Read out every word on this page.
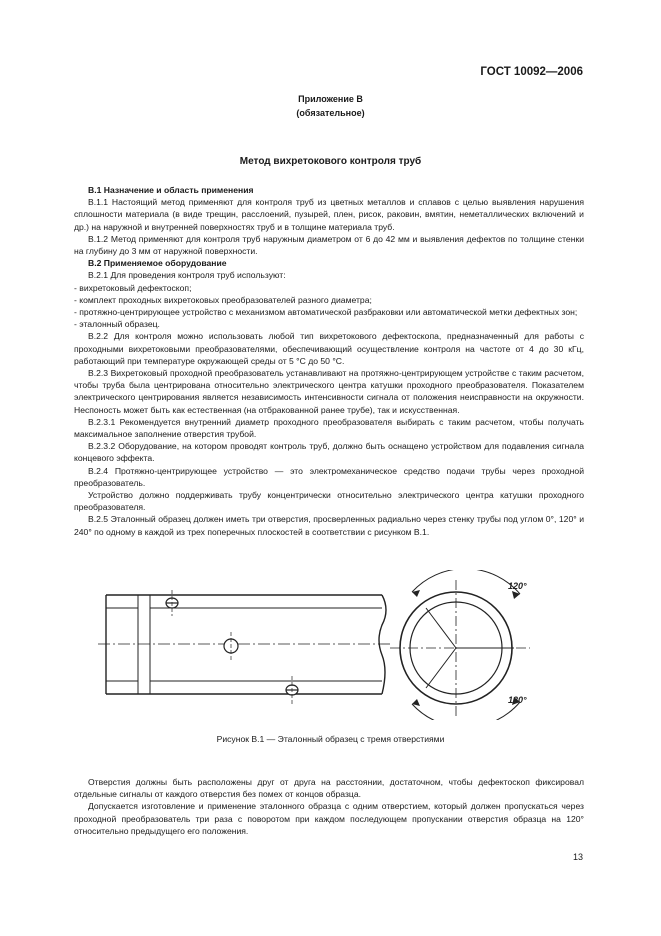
ГОСТ 10092—2006
Приложение В
(обязательное)
Метод вихретокового контроля труб
В.1 Назначение и область применения
В.1.1 Настоящий метод применяют для контроля труб из цветных металлов и сплавов с целью выявления нарушения сплошности материала (в виде трещин, расслоений, пузырей, плен, рисок, раковин, вмятин, неметаллических включений и др.) на наружной и внутренней поверхностях труб и в толщине материала труб.
В.1.2 Метод применяют для контроля труб наружным диаметром от 6 до 42 мм и выявления дефектов по толщине стенки на глубину до 3 мм от наружной поверхности.
В.2 Применяемое оборудование
В.2.1 Для проведения контроля труб используют:
- вихретоковый дефектоскоп;
- комплект проходных вихретоковых преобразователей разного диаметра;
- протяжно-центрирующее устройство с механизмом автоматической разбраковки или автоматической метки дефектных зон;
- эталонный образец.
В.2.2 Для контроля можно использовать любой тип вихретокового дефектоскопа, предназначенный для работы с проходными вихретоковыми преобразователями, обеспечивающий осуществление контроля на частоте от 4 до 30 кГц, работающий при температуре окружающей среды от 5 °С до 50 °С.
В.2.3 Вихретоковый проходной преобразователь устанавливают на протяжно-центрирующем устройстве с таким расчетом, чтобы труба была центрирована относительно электрического центра катушки проходного преобразователя. Показателем электрического центрирования является независимость интенсивности сигнала от положения неисправности на окружности. Неспоность может быть как естественная (на отбракованной ранее трубе), так и искусственная.
В.2.3.1 Рекомендуется внутренний диаметр проходного преобразователя выбирать с таким расчетом, чтобы получать максимальное заполнение отверстия трубой.
В.2.3.2 Оборудование, на котором проводят контроль труб, должно быть оснащено устройством для подавления сигнала концевого эффекта.
В.2.4 Протяжно-центрирующее устройство — это электромеханическое средство подачи трубы через проходной преобразователь.
Устройство должно поддерживать трубу концентрически относительно электрического центра катушки проходного преобразователя.
В.2.5 Эталонный образец должен иметь три отверстия, просверленных радиально через стенку трубы под углом 0°, 120° и 240° по одному в каждой из трех поперечных плоскостей в соответствии с рисунком В.1.
120°
120°
Рисунок В.1 — Эталонный образец с тремя отверстиями
Отверстия должны быть расположены друг от друга на расстоянии, достаточном, чтобы дефектоскоп фиксировал отдельные сигналы от каждого отверстия без помех от концов образца.
Допускается изготовление и применение эталонного образца с одним отверстием, который должен пропускаться через проходной преобразователь три раза с поворотом при каждом последующем пропускании отверстия образца на 120° относительно предыдущего его положения.
13
